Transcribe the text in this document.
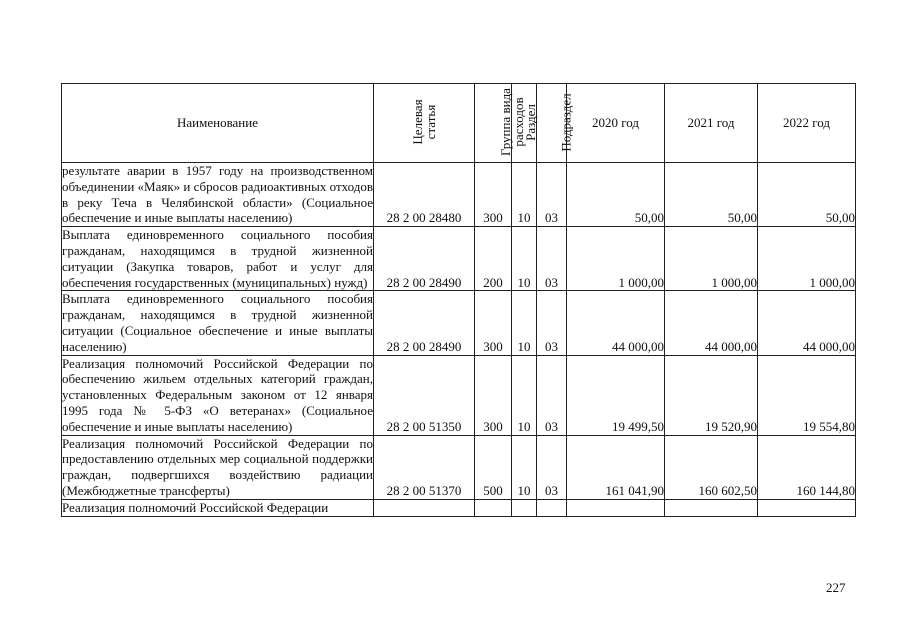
Наименование	Целевая статья	Группа вида расходов	Раздел	Подраздел	2020 год	2021 год	2022 год
результате аварии в 1957 году на производственном объединении «Маяк» и сбросов радиоактивных отходов в реку Теча в Челябинской области» (Социальное обеспечение и иные выплаты населению)	28 2 00 28480	300	10	03	50,00	50,00	50,00
Выплата единовременного социального пособия гражданам, находящимся в трудной жизненной ситуации (Закупка товаров, работ и услуг для обеспечения государственных (муниципальных) нужд)	28 2 00 28490	200	10	03	1 000,00	1 000,00	1 000,00
Выплата единовременного социального пособия гражданам, находящимся в трудной жизненной ситуации (Социальное обеспечение и иные выплаты населению)	28 2 00 28490	300	10	03	44 000,00	44 000,00	44 000,00
Реализация полномочий Российской Федерации по обеспечению жильем отдельных категорий граждан, установленных Федеральным законом от 12 января 1995 года № 5-ФЗ «О ветеранах» (Социальное обеспечение и иные выплаты населению)	28 2 00 51350	300	10	03	19 499,50	19 520,90	19 554,80
Реализация полномочий Российской Федерации по предоставлению отдельных мер социальной поддержки граждан, подвергшихся воздействию радиации (Межбюджетные трансферты)	28 2 00 51370	500	10	03	161 041,90	160 602,50	160 144,80
Реализация полномочий Российской Федерации							
227
